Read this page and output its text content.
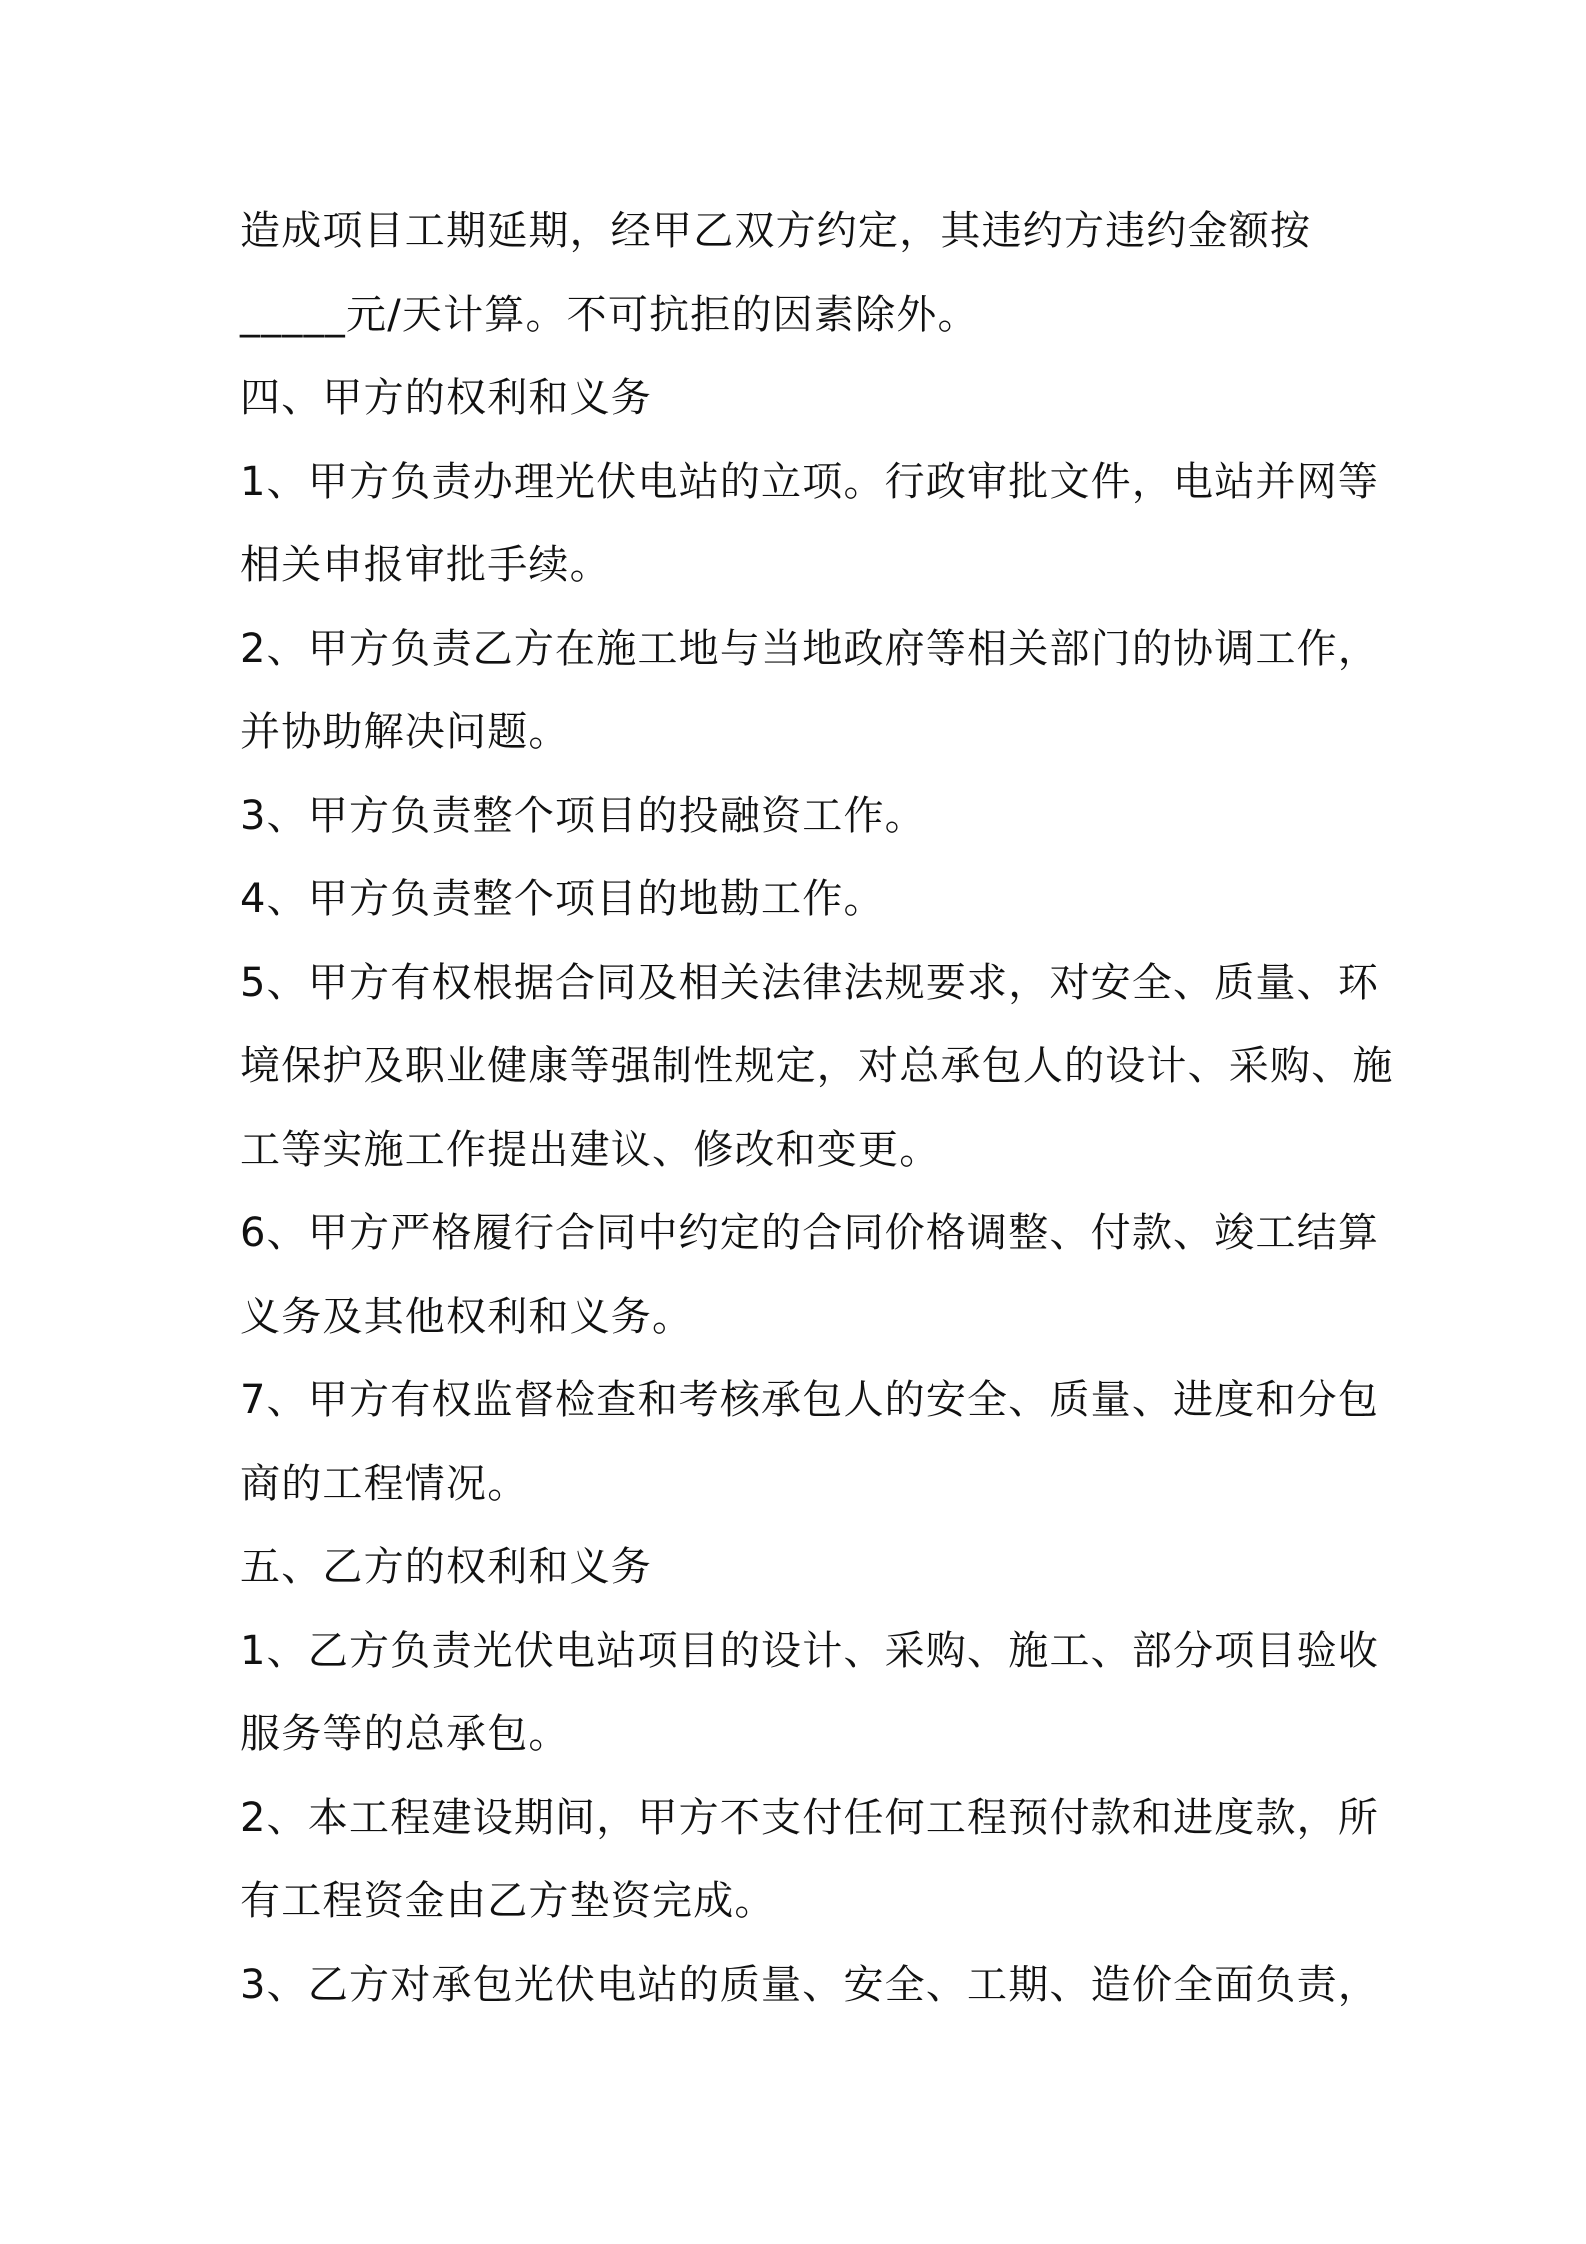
造成项目工期延期，经甲乙双方约定，其违约方违约金额按
_____元/天计算。不可抗拒的因素除外。
四、甲方的权利和义务
1、甲方负责办理光伏电站的立项。行政审批文件，电站并网等
相关申报审批手续。
2、甲方负责乙方在施工地与当地政府等相关部门的协调工作，
并协助解决问题。
3、甲方负责整个项目的投融资工作。
4、甲方负责整个项目的地勘工作。
5、甲方有权根据合同及相关法律法规要求，对安全、质量、环
境保护及职业健康等强制性规定，对总承包人的设计、采购、施
工等实施工作提出建议、修改和变更。
6、甲方严格履行合同中约定的合同价格调整、付款、竣工结算
义务及其他权利和义务。
7、甲方有权监督检查和考核承包人的安全、质量、进度和分包
商的工程情况。
五、乙方的权利和义务
1、乙方负责光伏电站项目的设计、采购、施工、部分项目验收
服务等的总承包。
2、本工程建设期间，甲方不支付任何工程预付款和进度款，所
有工程资金由乙方垫资完成。
3、乙方对承包光伏电站的质量、安全、工期、造价全面负责，
